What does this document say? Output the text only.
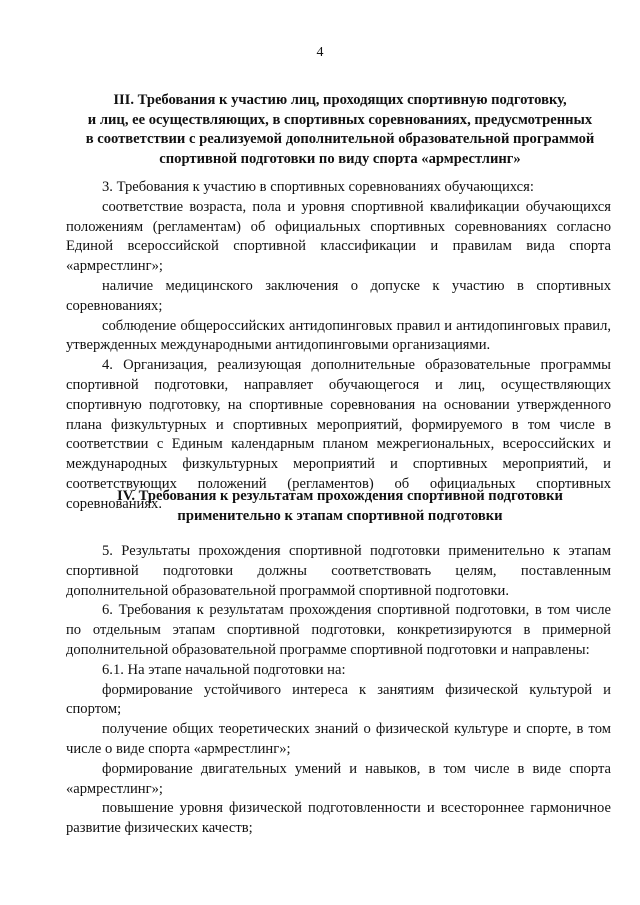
4
III. Требования к участию лиц, проходящих спортивную подготовку,
и лиц, ее осуществляющих, в спортивных соревнованиях, предусмотренных
в соответствии с реализуемой дополнительной образовательной программой
спортивной подготовки по виду спорта «армрестлинг»

3. Требования к участию в спортивных соревнованиях обучающихся:

соответствие возраста, пола и уровня спортивной квалификации обучающихся положениям (регламентам) об официальных спортивных соревнованиях согласно Единой всероссийской спортивной классификации и правилам вида спорта «армрестлинг»;

наличие медицинского заключения о допуске к участию в спортивных соревнованиях;

соблюдение общероссийских антидопинговых правил и антидопинговых правил, утвержденных международными антидопинговыми организациями.

4. Организация, реализующая дополнительные образовательные программы спортивной подготовки, направляет обучающегося и лиц, осуществляющих спортивную подготовку, на спортивные соревнования на основании утвержденного плана физкультурных и спортивных мероприятий, формируемого в том числе в соответствии с Единым календарным планом межрегиональных, всероссийских и международных физкультурных мероприятий и спортивных мероприятий, и соответствующих положений (регламентов) об официальных спортивных соревнованиях.

IV. Требования к результатам прохождения спортивной подготовки
применительно к этапам спортивной подготовки

5. Результаты прохождения спортивной подготовки применительно к этапам спортивной подготовки должны соответствовать целям, поставленным дополнительной образовательной программой спортивной подготовки.

6. Требования к результатам прохождения спортивной подготовки, в том числе по отдельным этапам спортивной подготовки, конкретизируются в примерной дополнительной образовательной программе спортивной подготовки и направлены:

6.1. На этапе начальной подготовки на:

формирование устойчивого интереса к занятиям физической культурой и спортом;

получение общих теоретических знаний о физической культуре и спорте, в том числе о виде спорта «армрестлинг»;

формирование двигательных умений и навыков, в том числе в виде спорта «армрестлинг»;

повышение уровня физической подготовленности и всестороннее гармоничное развитие физических качеств;
